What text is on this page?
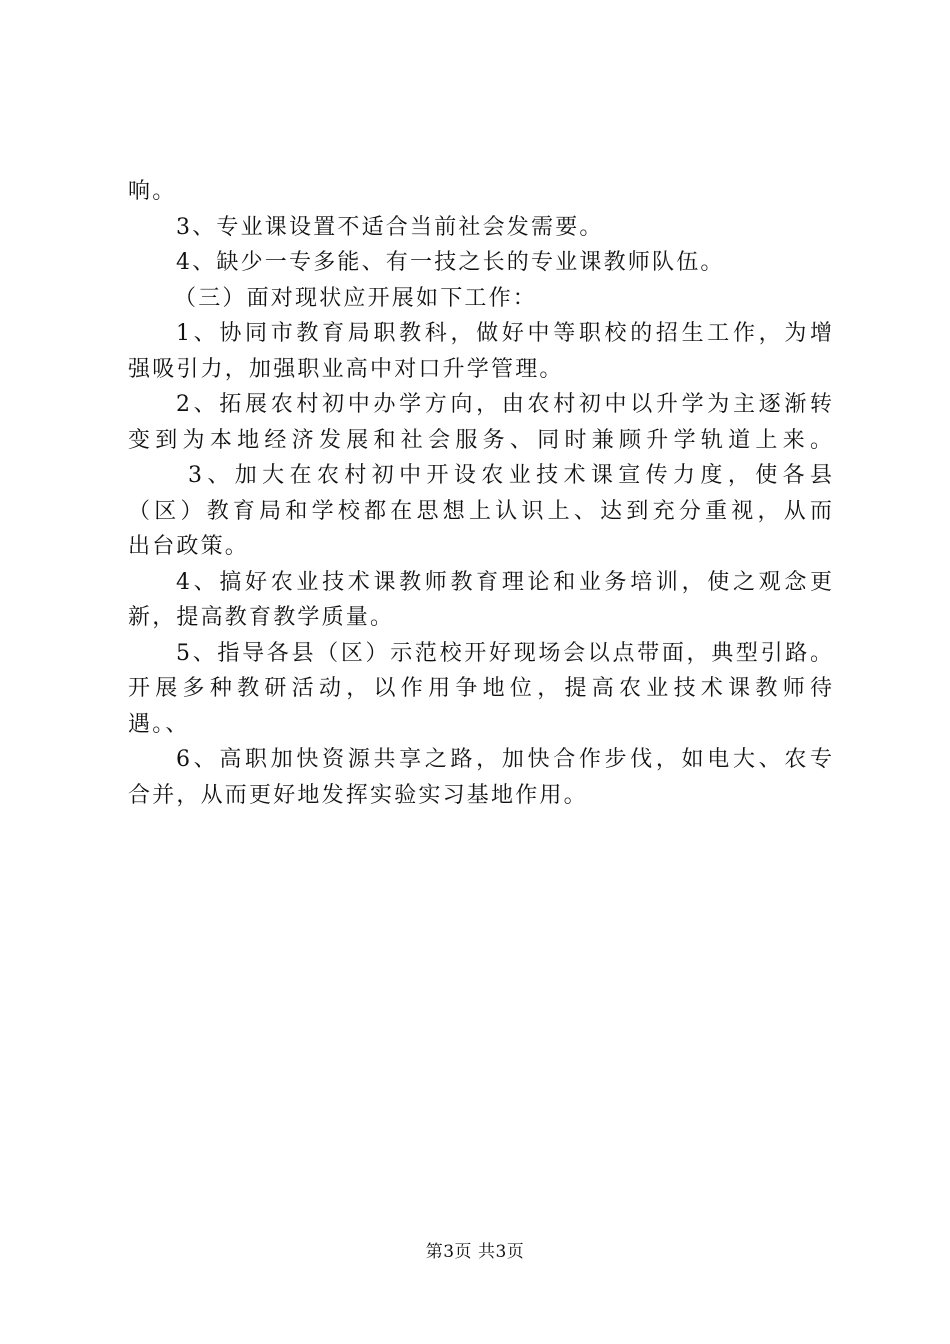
响。
3、专业课设置不适合当前社会发需要。
4、缺少一专多能、有一技之长的专业课教师队伍。
（三）面对现状应开展如下工作：
1、协同市教育局职教科，做好中等职校的招生工作，为增
强吸引力，加强职业高中对口升学管理。
2、拓展农村初中办学方向，由农村初中以升学为主逐渐转
变到为本地经济发展和社会服务、同时兼顾升学轨道上来。
3、加大在农村初中开设农业技术课宣传力度，使各县
（区）教育局和学校都在思想上认识上、达到充分重视，从而
出台政策。
4、搞好农业技术课教师教育理论和业务培训，使之观念更
新，提高教育教学质量。
5、指导各县（区）示范校开好现场会以点带面，典型引路。
开展多种教研活动，以作用争地位，提高农业技术课教师待
遇。、
6、高职加快资源共享之路，加快合作步伐，如电大、农专
合并，从而更好地发挥实验实习基地作用。
第3页 共3页
